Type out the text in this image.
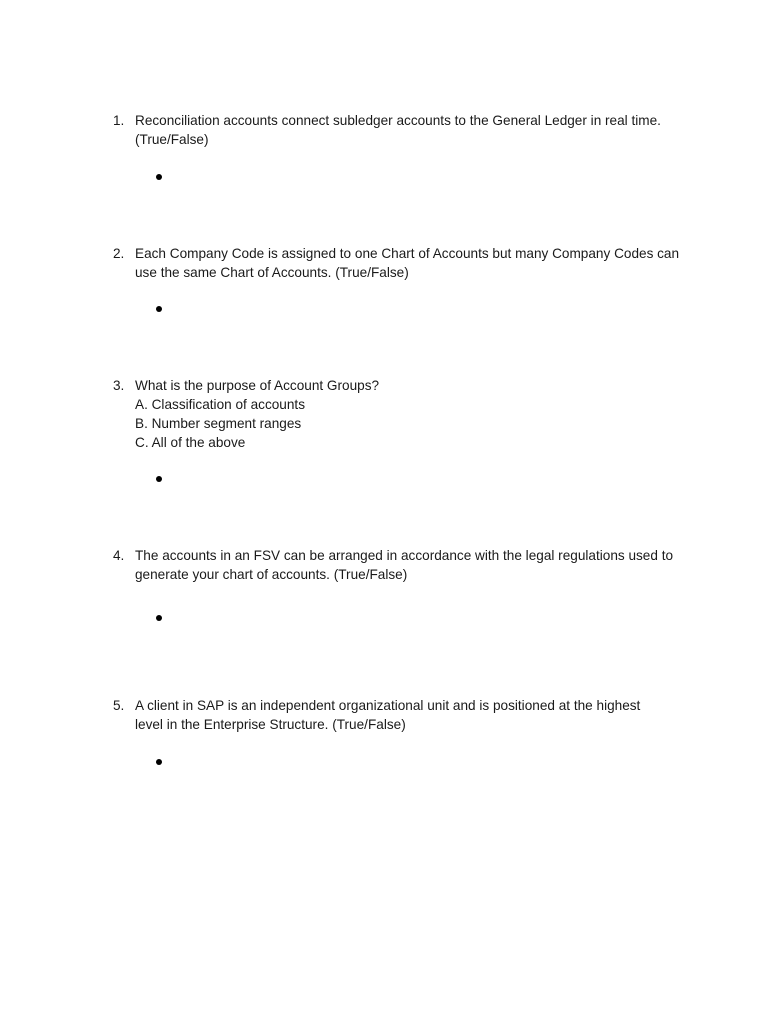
1. Reconciliation accounts connect subledger accounts to the General Ledger in real time.
(True/False)
2. Each Company Code is assigned to one Chart of Accounts but many Company Codes can
use the same Chart of Accounts. (True/False)
3. What is the purpose of Account Groups?
A. Classification of accounts
B. Number segment ranges
C. All of the above
4. The accounts in an FSV can be arranged in accordance with the legal regulations used to
generate your chart of accounts. (True/False)
5. A client in SAP is an independent organizational unit and is positioned at the highest
level in the Enterprise Structure. (True/False)
